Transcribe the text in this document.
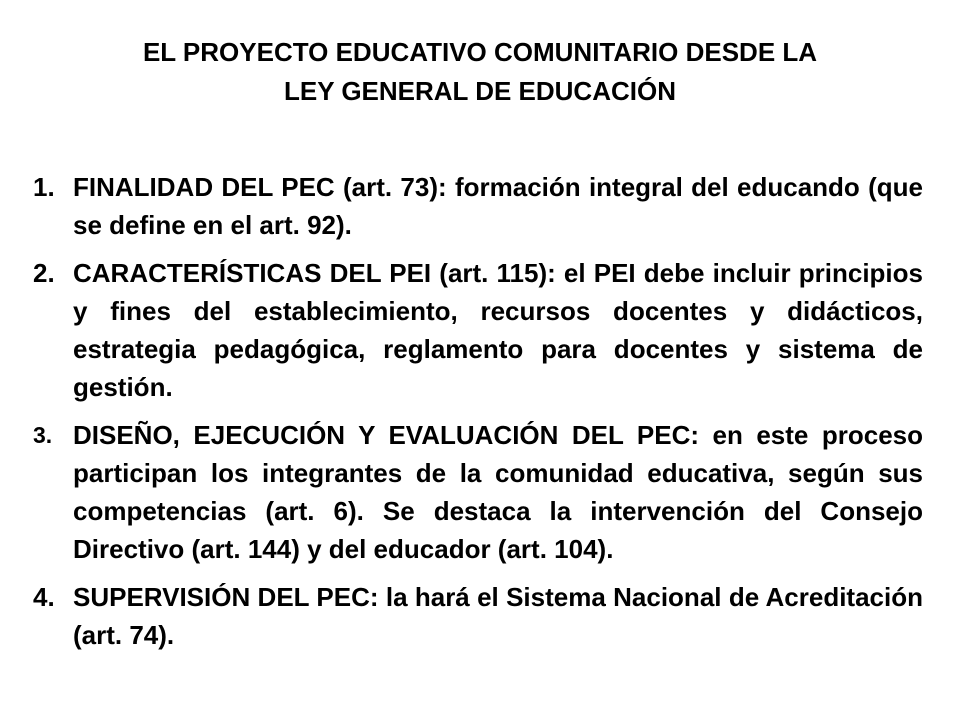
EL PROYECTO EDUCATIVO COMUNITARIO DESDE LA
LEY GENERAL DE EDUCACIÓN
1. FINALIDAD DEL PEC (art. 73): formación integral del educando (que se define en el art. 92).
2. CARACTERÍSTICAS DEL PEI (art. 115): el PEI debe incluir principios y fines del establecimiento, recursos docentes y didácticos, estrategia pedagógica, reglamento para docentes y sistema de gestión.
3. DISEÑO, EJECUCIÓN Y EVALUACIÓN DEL PEC: en este proceso participan los integrantes de la comunidad educativa, según sus competencias (art. 6). Se destaca la intervención del Consejo Directivo (art. 144) y del educador (art. 104).
4. SUPERVISIÓN DEL PEC: la hará el Sistema Nacional de Acreditación (art. 74).
